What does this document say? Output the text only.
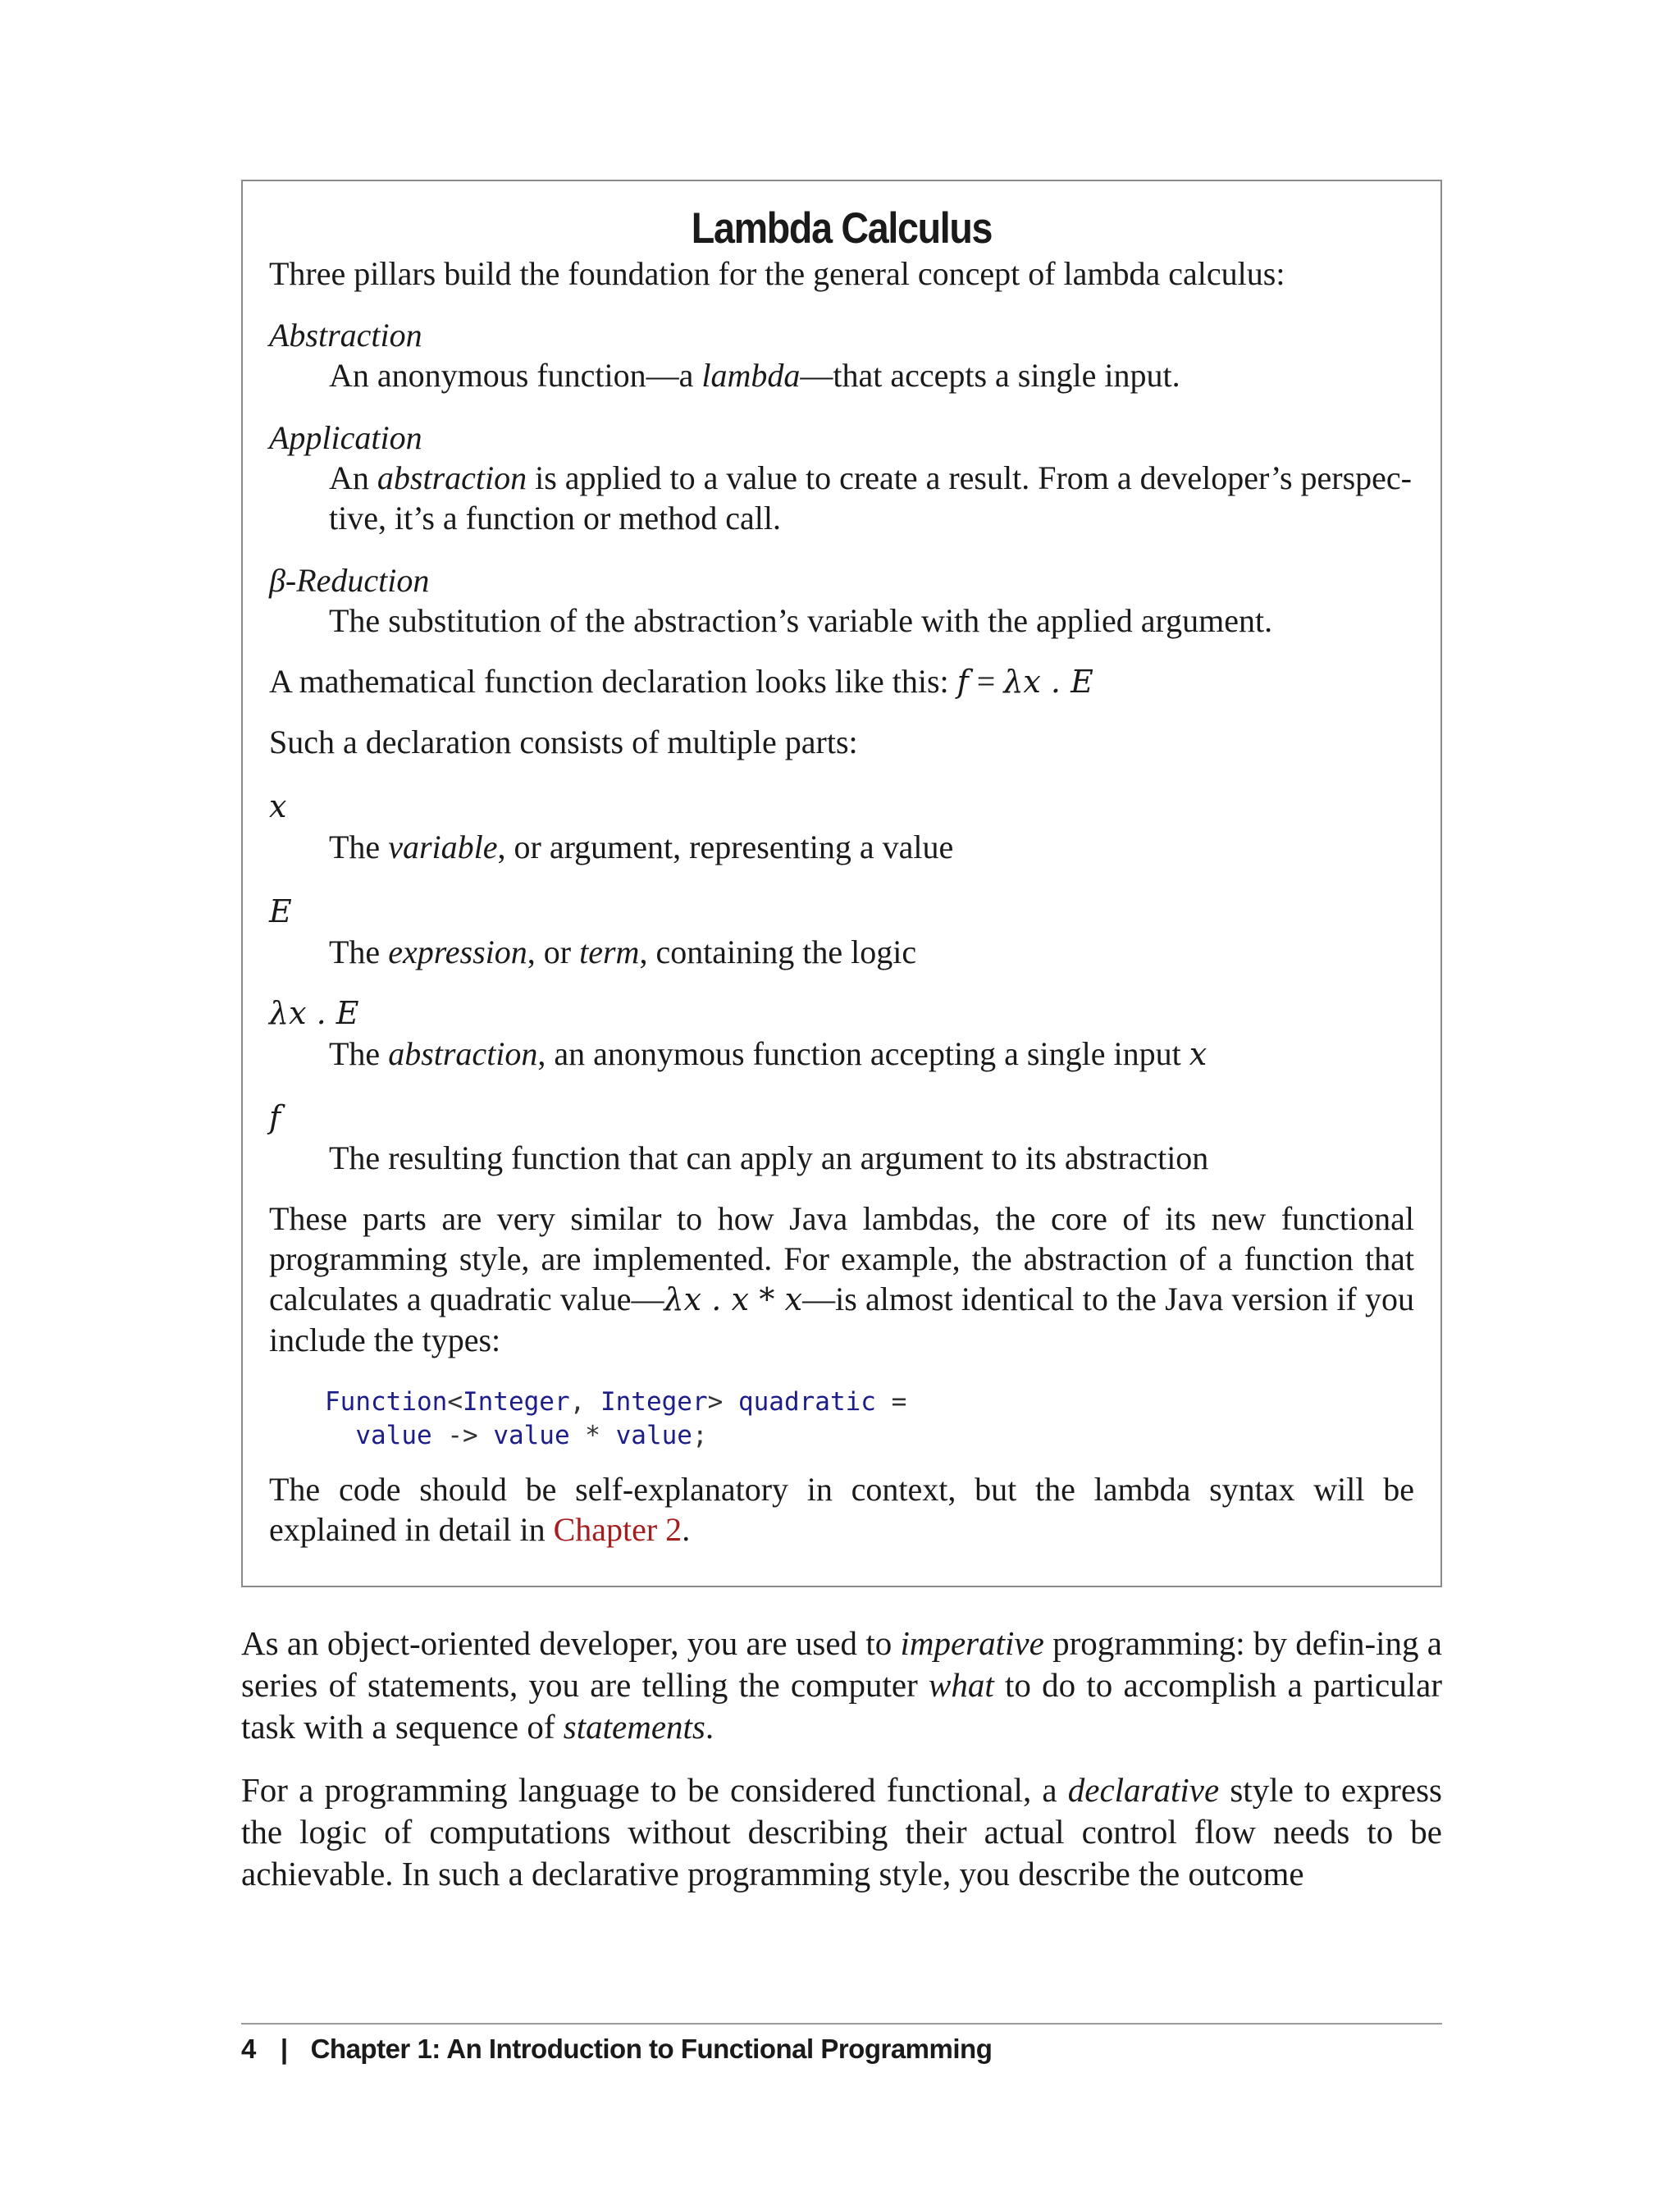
Lambda Calculus

Three pillars build the foundation for the general concept of lambda calculus:

Abstraction

An anonymous function—a lambda—that accepts a single input.

Application

An abstraction is applied to a value to create a result. From a developer’s perspec-
tive, it’s a function or method call.

β-Reduction

The substitution of the abstraction’s variable with the applied argument.

A mathematical function declaration looks like this: f = λx . E

Such a declaration consists of multiple parts:

x

The variable, or argument, representing a value

E

The expression, or term, containing the logic

λx . E

The abstraction, an anonymous function accepting a single input x

f

The resulting function that can apply an argument to its abstraction

These parts are very similar to how Java lambdas, the core of its new functional programming style, are implemented. For example, the abstraction of a function that calculates a quadratic value—λx . x * x—is almost identical to the Java version if you include the types:

Function<Integer, Integer> quadratic =
value -> value * value;

The code should be self-explanatory in context, but the lambda syntax will be explained in detail in Chapter 2.

As an object-oriented developer, you are used to imperative programming: by defin-ing a series of statements, you are telling the computer what to do to accomplish a particular task with a sequence of statements.

For a programming language to be considered functional, a declarative style to express the logic of computations without describing their actual control flow needs to be achievable. In such a declarative programming style, you describe the outcome

4 | Chapter 1: An Introduction to Functional Programming
